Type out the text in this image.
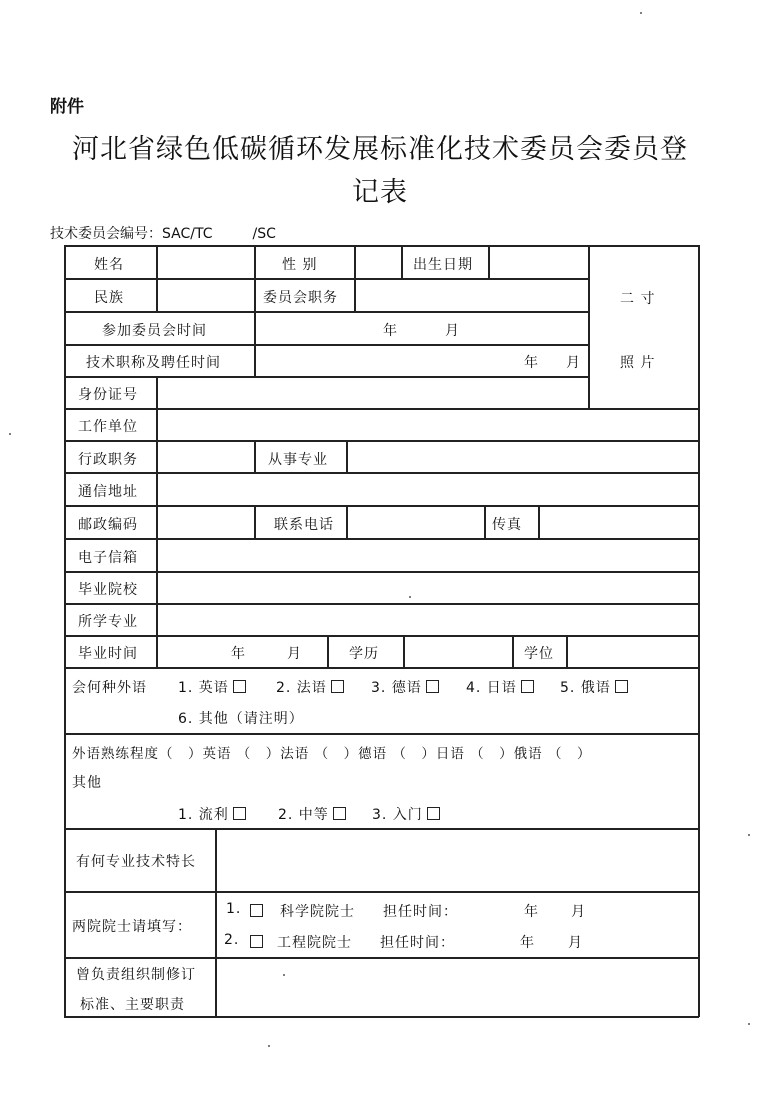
附件
河北省绿色低碳循环发展标准化技术委员会委员登
记表
技术委员会编号：SAC/TC	/SC
姓名	性 别	出生日期
民族	委员会职务
参加委员会时间	年	月
技术职称及聘任时间	年 月
二 寸
照 片
身份证号
工作单位
行政职务	从事专业
通信地址
邮政编码	联系电话	传真
电子信箱
毕业院校
所学专业
毕业时间	年	月	学历	学位
会何种外语 1. 英语	2. 法语	3. 德语	4. 日语	5. 俄语
6. 其他（请注明）
外语熟练程度（　）英语 （　）法语 （　）德语 （　）日语 （　）俄语 （　）
其他
1. 流利	2. 中等	3. 入门
有何专业技术特长
两院院士请填写：
1.	科学院院士 担任时间：	年 月
2.	工程院院士 担任时间：	年 月
曾负责组织制修订
标准、主要职责
